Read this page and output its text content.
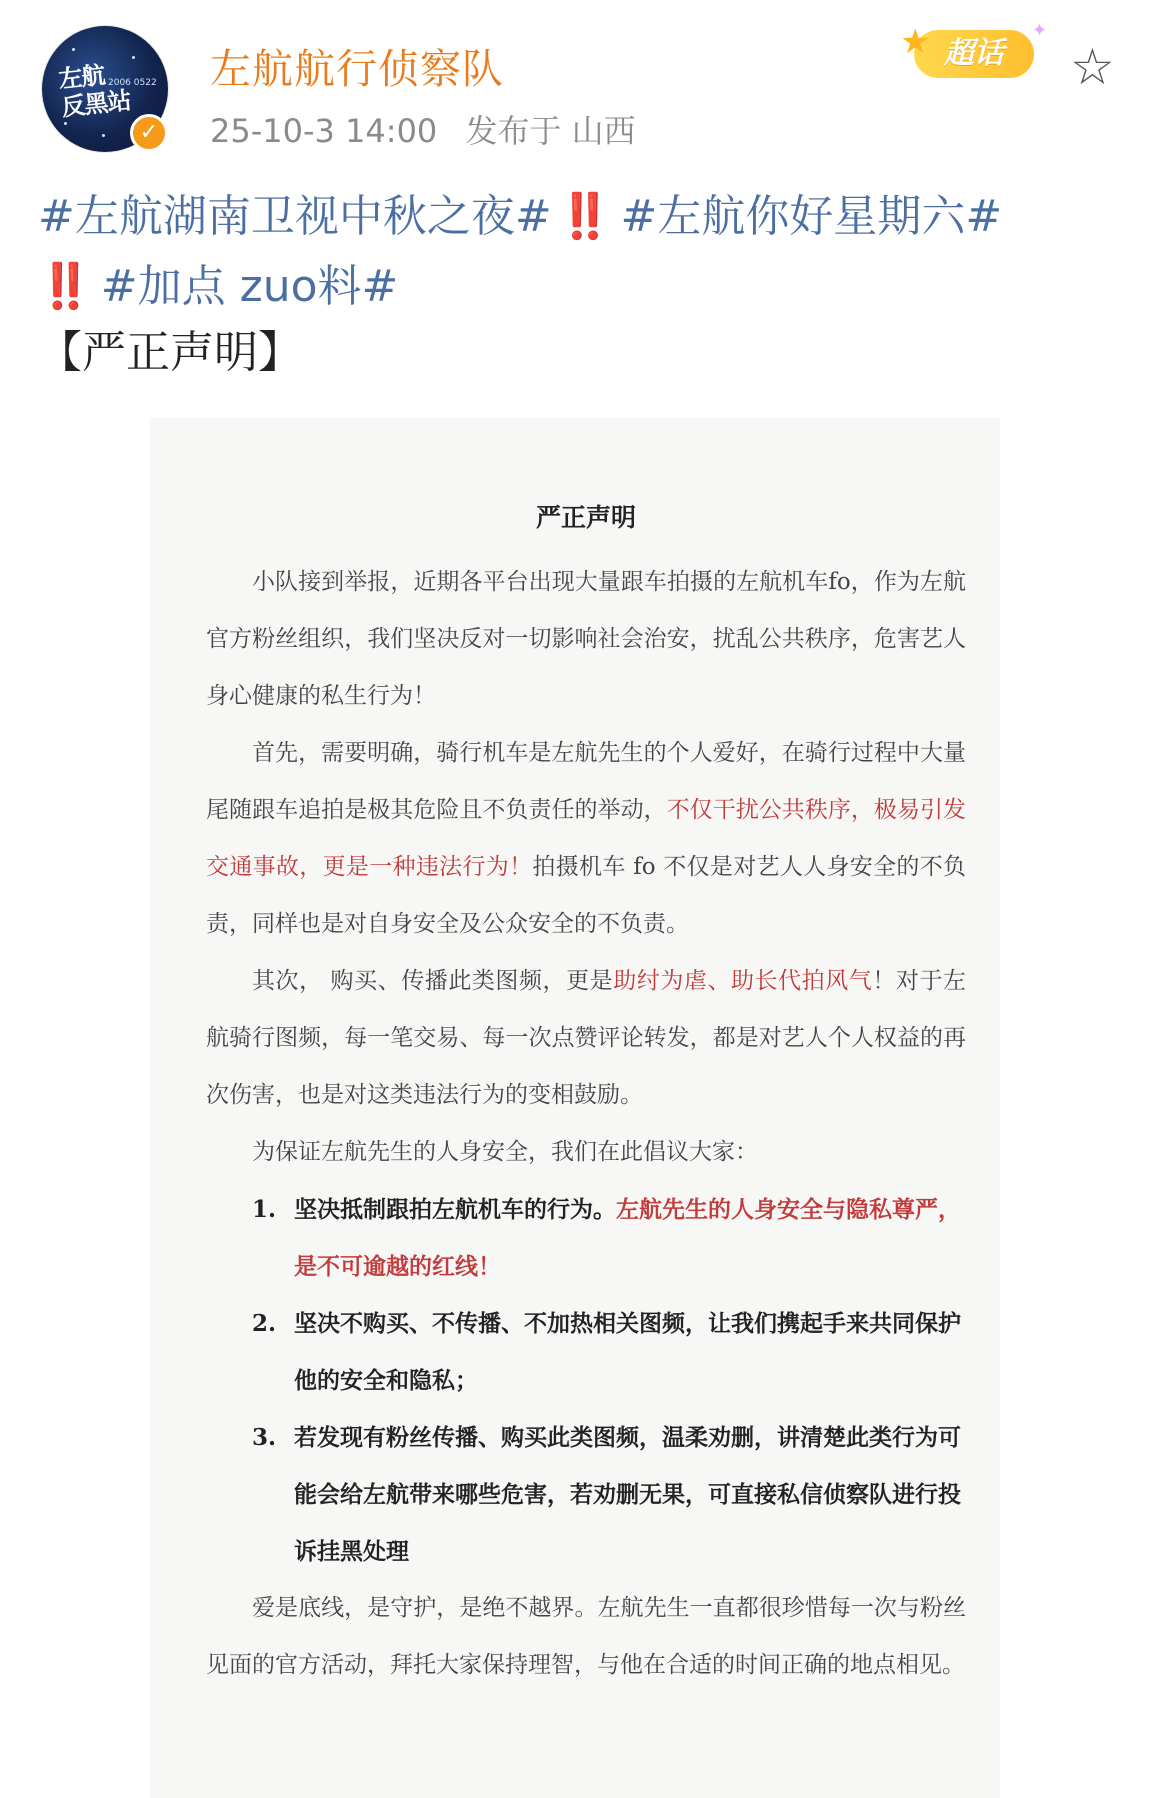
左航
反黑站
2006 0522
✓
左航航行侦察队
25-10-3 14:00 发布于 山西
超话
★	✦
☆
#左航湖南卫视中秋之夜# ‼️ #左航你好星期六#
‼️ #加点 zuo料#
【严正声明】
严正声明
小队接到举报，近期各平台出现大量跟车拍摄的左航机车fo，作为左航官方粉丝组织，我们坚决反对一切影响社会治安，扰乱公共秩序，危害艺人身心健康的私生行为！
首先，需要明确，骑行机车是左航先生的个人爱好，在骑行过程中大量尾随跟车追拍是极其危险且不负责任的举动，不仅干扰公共秩序，极易引发交通事故，更是一种违法行为！拍摄机车 fo 不仅是对艺人人身安全的不负责，同样也是对自身安全及公众安全的不负责。
其次， 购买、传播此类图频，更是助纣为虐、助长代拍风气！对于左航骑行图频，每一笔交易、每一次点赞评论转发，都是对艺人个人权益的再次伤害，也是对这类违法行为的变相鼓励。
为保证左航先生的人身安全，我们在此倡议大家：
1. 坚决抵制跟拍左航机车的行为。左航先生的人身安全与隐私尊严，是不可逾越的红线！
2. 坚决不购买、不传播、不加热相关图频，让我们携起手来共同保护他的安全和隐私；
3. 若发现有粉丝传播、购买此类图频，温柔劝删，讲清楚此类行为可能会给左航带来哪些危害，若劝删无果，可直接私信侦察队进行投诉挂黑处理
爱是底线，是守护，是绝不越界。左航先生一直都很珍惜每一次与粉丝见面的官方活动，拜托大家保持理智，与他在合适的时间正确的地点相见。
